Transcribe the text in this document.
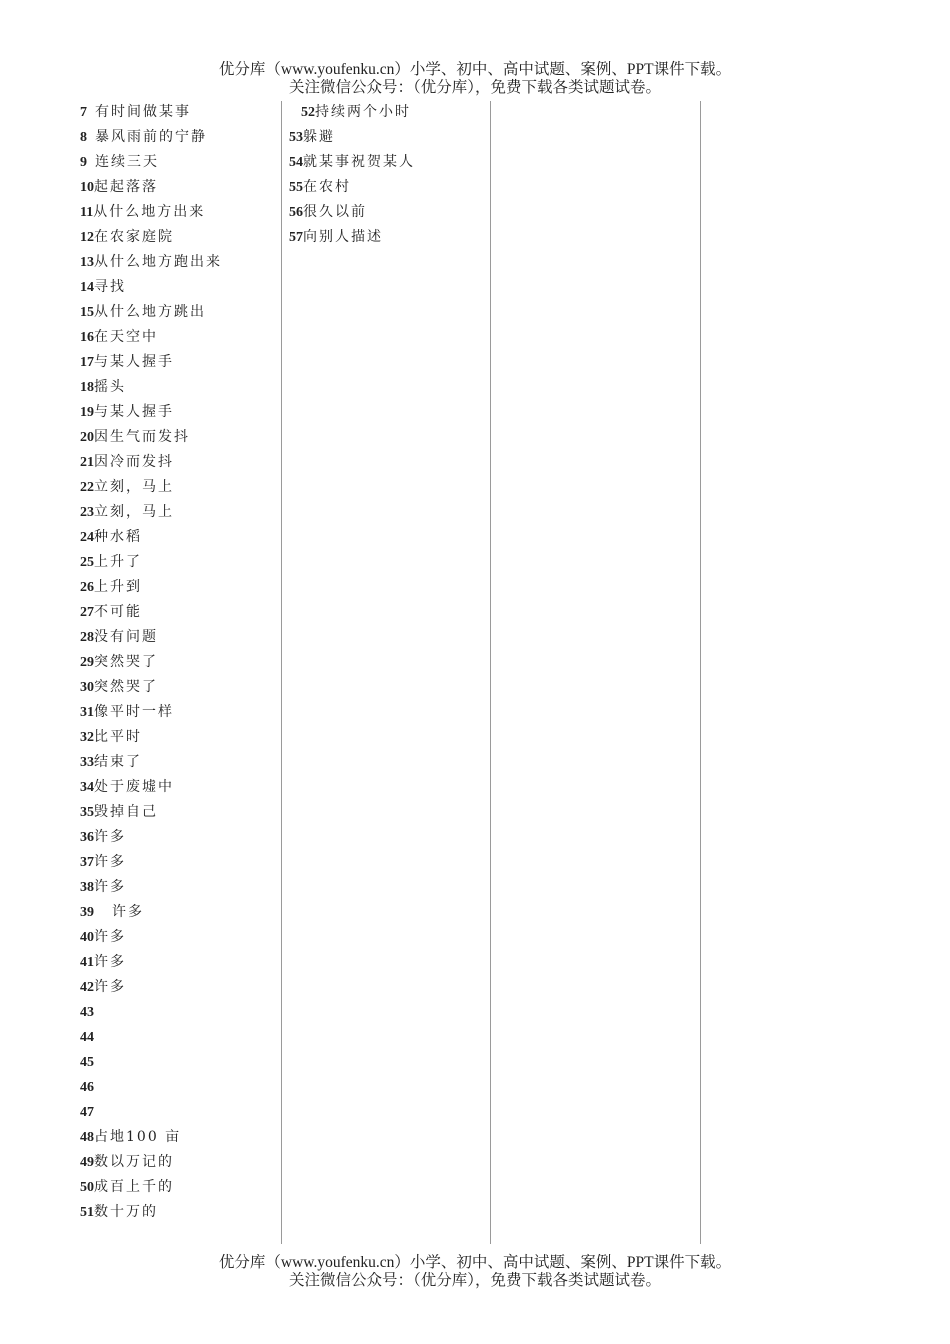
优分库（www.youfenku.cn）小学、初中、高中试题、案例、PPT课件下载。
关注微信公众号：（优分库），免费下载各类试题试卷。
7 有时间做某事
8 暴风雨前的宁静
9 连续三天
10起起落落
11从什么地方出来
12在农家庭院
13从什么地方跑出来
14寻找
15从什么地方跳出
16在天空中
17与某人握手
18摇头
19与某人握手
20因生气而发抖
21因冷而发抖
22立刻，马上
23立刻，马上
24种水稻
25上升了
26上升到
27不可能
28没有问题
29突然哭了
30突然哭了
31像平时一样
32比平时
33结束了
34处于废墟中
35毁掉自己
36许多
37许多
38许多
39 许多
40许多
41许多
42许多
43
44
45
46
47
48占地100 亩
49数以万记的
50成百上千的
51数十万的
52持续两个小时
53躲避
54就某事祝贺某人
55在农村
56很久以前
57向别人描述
优分库（www.youfenku.cn）小学、初中、高中试题、案例、PPT课件下载。
关注微信公众号：（优分库），免费下载各类试题试卷。
